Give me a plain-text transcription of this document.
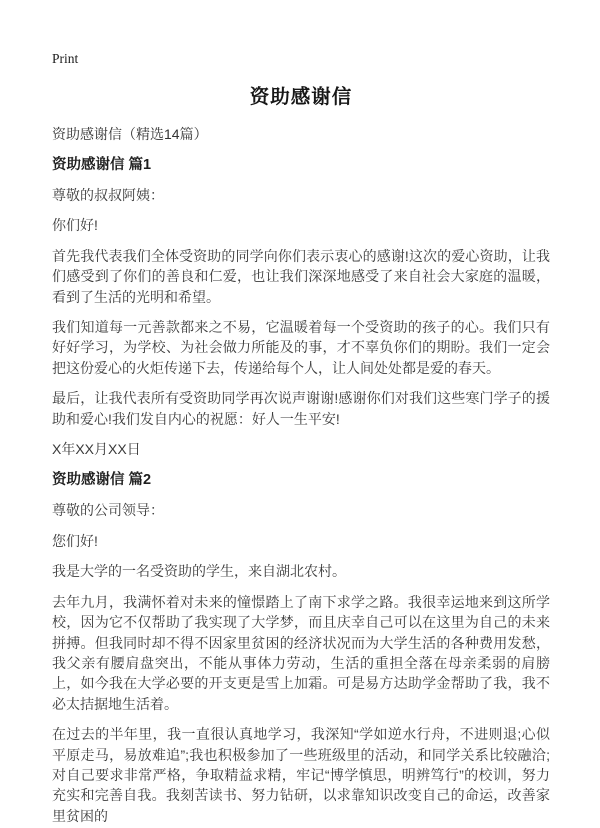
Print
资助感谢信

资助感谢信（精选14篇）

资助感谢信 篇1

尊敬的叔叔阿姨：

你们好!

首先我代表我们全体受资助的同学向你们表示衷心的感谢!这次的爱心资助，让我们感受到了你们的善良和仁爱，也让我们深深地感受了来自社会大家庭的温暖，看到了生活的光明和希望。

我们知道每一元善款都来之不易，它温暖着每一个受资助的孩子的心。我们只有好好学习，为学校、为社会做力所能及的事，才不辜负你们的期盼。我们一定会把这份爱心的火炬传递下去，传递给每个人，让人间处处都是爱的春天。

最后，让我代表所有受资助同学再次说声谢谢!感谢你们对我们这些寒门学子的援助和爱心!我们发自内心的祝愿：好人一生平安!

X年XX月XX日

资助感谢信 篇2

尊敬的公司领导：

您们好!

我是大学的一名受资助的学生，来自湖北农村。

去年九月，我满怀着对未来的憧憬踏上了南下求学之路。我很幸运地来到这所学校，因为它不仅帮助了我实现了大学梦，而且庆幸自己可以在这里为自己的未来拼搏。但我同时却不得不因家里贫困的经济状况而为大学生活的各种费用发愁， 我父亲有腰肩盘突出，不能从事体力劳动，生活的重担全落在母亲柔弱的肩膀上，如今我在大学必要的开支更是雪上加霜。可是易方达助学金帮助了我，我不必太拮据地生活着。

在过去的半年里，我一直很认真地学习，我深知“学如逆水行舟，不进则退;心似平原走马，易放难追”;我也积极参加了一些班级里的活动，和同学关系比较融洽;对自己要求非常严格，争取精益求精，牢记“博学慎思，明辨笃行”的校训，努力充实和完善自我。我刻苦读书、努力钻研，以求靠知识改变自己的命运，改善家里贫困的
